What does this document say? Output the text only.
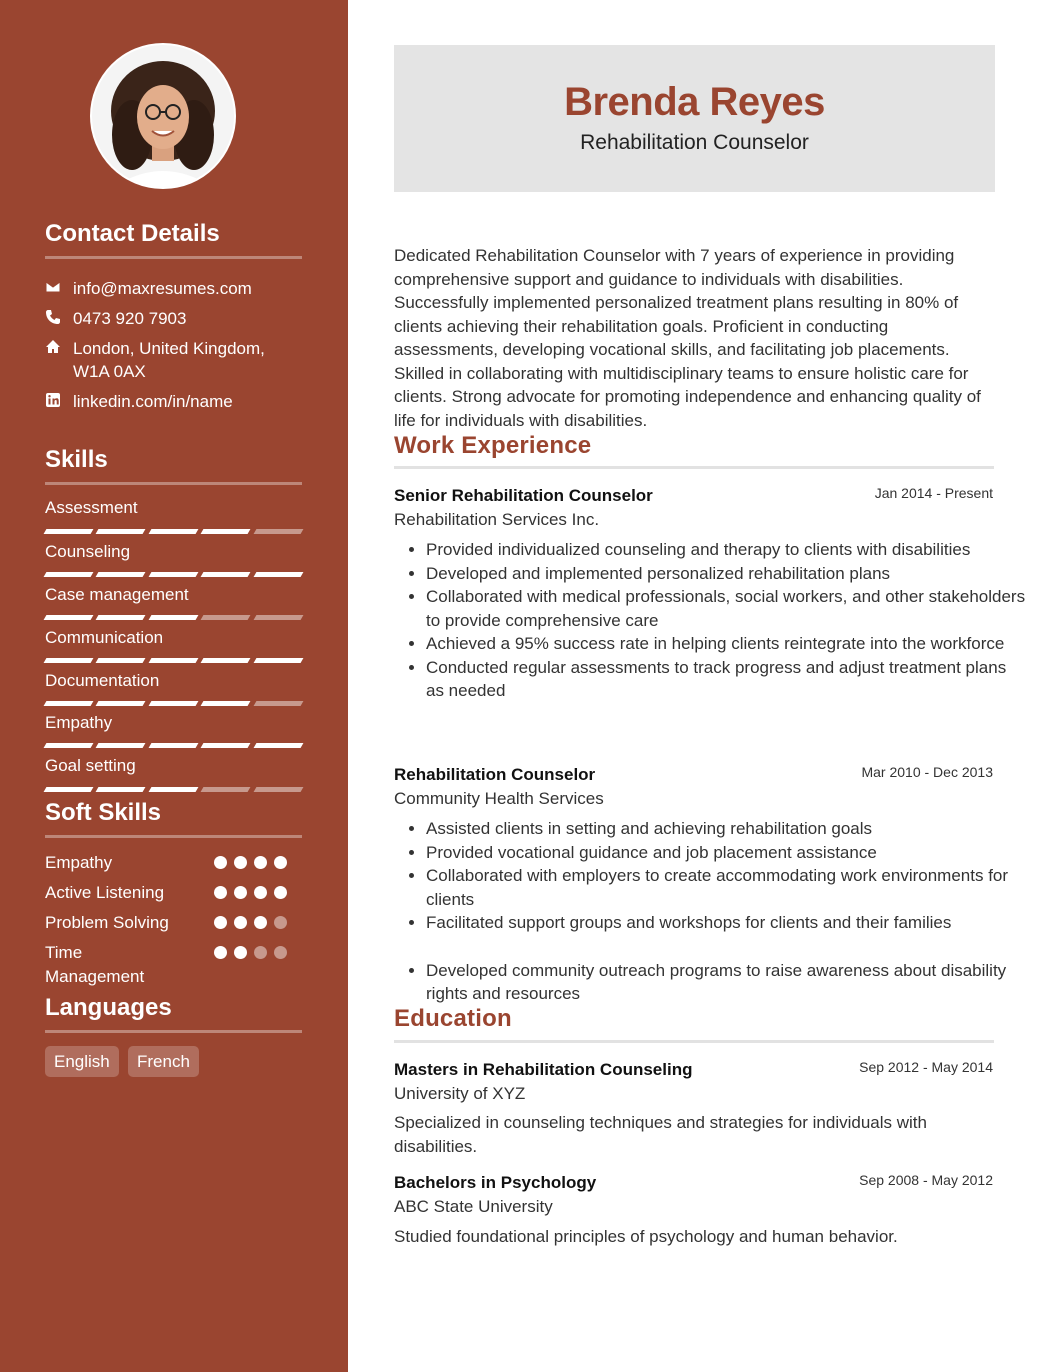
Contact Details
info@maxresumes.com
0473 920 7903
London, United Kingdom,
W1A 0AX
linkedin.com/in/name
Skills
Assessment
Counseling
Case management
Communication
Documentation
Empathy
Goal setting
Soft Skills
Empathy
Active Listening
Problem Solving
Time
Management
Languages
English	French
Brenda Reyes
Rehabilitation Counselor
Dedicated Rehabilitation Counselor with 7 years of experience in providing comprehensive support and guidance to individuals with disabilities. Successfully implemented personalized treatment plans resulting in 80% of clients achieving their rehabilitation goals. Proficient in conducting assessments, developing vocational skills, and facilitating job placements. Skilled in collaborating with multidisciplinary teams to ensure holistic care for clients. Strong advocate for promoting independence and enhancing quality of life for individuals with disabilities.
Work Experience
Senior Rehabilitation Counselor	Jan 2014 - Present
Rehabilitation Services Inc.
• Provided individualized counseling and therapy to clients with disabilities
• Developed and implemented personalized rehabilitation plans
• Collaborated with medical professionals, social workers, and other stakeholders to provide comprehensive care
• Achieved a 95% success rate in helping clients reintegrate into the workforce
• Conducted regular assessments to track progress and adjust treatment plans as needed
Rehabilitation Counselor	Mar 2010 - Dec 2013
Community Health Services
• Assisted clients in setting and achieving rehabilitation goals
• Provided vocational guidance and job placement assistance
• Collaborated with employers to create accommodating work environments for clients
• Facilitated support groups and workshops for clients and their families
• Developed community outreach programs to raise awareness about disability rights and resources
Education
Masters in Rehabilitation Counseling	Sep 2012 - May 2014
University of XYZ
Specialized in counseling techniques and strategies for individuals with disabilities.
Bachelors in Psychology	Sep 2008 - May 2012
ABC State University
Studied foundational principles of psychology and human behavior.
